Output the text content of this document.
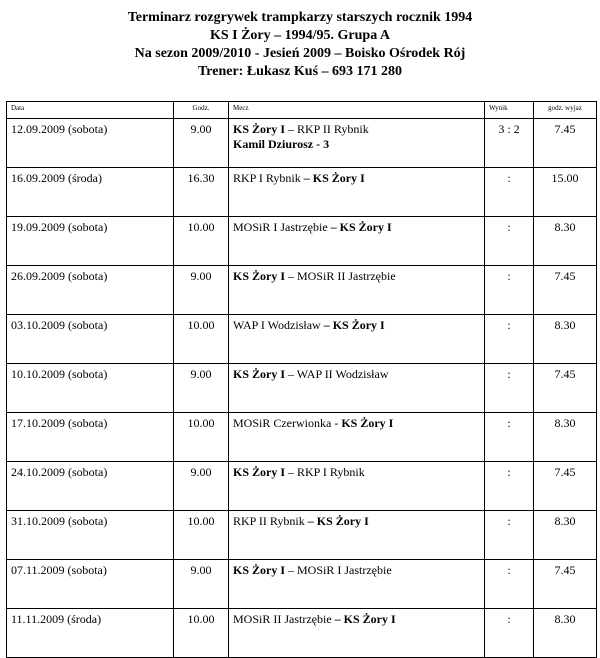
Terminarz rozgrywek trampkarzy starszych rocznik 1994
KS I Żory – 1994/95. Grupa A
Na sezon 2009/2010 - Jesień 2009 – Boisko Ośrodek Rój
Trener: Łukasz Kuś – 693 171 280
Data	Godz.	Mecz	Wynik	godz. wyjaz
12.09.2009 (sobota)	9.00	KS Żory I – RKP II Rybnik
Kamil Dziurosz - 3	3 : 2	7.45
16.09.2009 (środa)	16.30	RKP I Rybnik – KS Żory I	:	15.00
19.09.2009 (sobota)	10.00	MOSiR I Jastrzębie – KS Żory I	:	8.30
26.09.2009 (sobota)	9.00	KS Żory I – MOSiR II Jastrzębie	:	7.45
03.10.2009 (sobota)	10.00	WAP I Wodzisław – KS Żory I	:	8.30
10.10.2009 (sobota)	9.00	KS Żory I – WAP II Wodzisław	:	7.45
17.10.2009 (sobota)	10.00	MOSiR Czerwionka - KS Żory I	:	8.30
24.10.2009 (sobota)	9.00	KS Żory I – RKP I Rybnik	:	7.45
31.10.2009 (sobota)	10.00	RKP II Rybnik – KS Żory I	:	8.30
07.11.2009 (sobota)	9.00	KS Żory I – MOSiR I Jastrzębie	:	7.45
11.11.2009 (środa)	10.00	MOSiR II Jastrzębie – KS Żory I	:	8.30
